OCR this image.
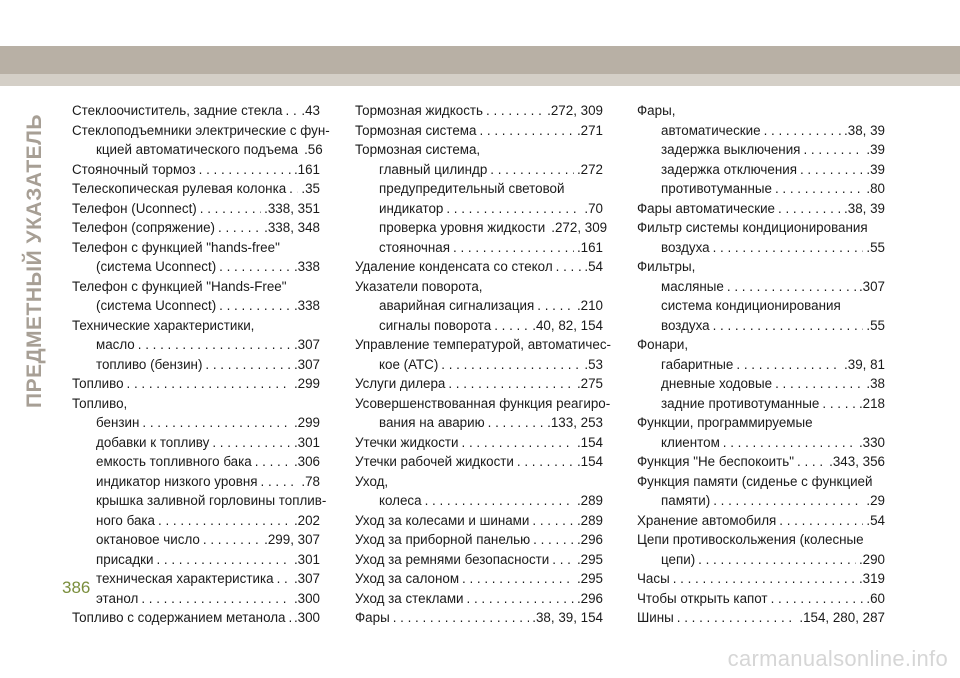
ПРЕДМЕТНЫЙ УКАЗАТЕЛЬ
Стеклоочиститель, задние стекла . . . .43
Стеклоподъемники электрические с фун-
кцией автоматического подъема .56
Стояночный тормоз . . .	.161
Телескопическая рулевая колонка . . . .35
Телефон (Uconnect) . . .	.338, 351
Телефон (сопряжение) . . .	.338, 348
Телефон с функцией "hands-free"
(система Uconnect) . . .	.338
Телефон с функцией "Hands-Free"
(система Uconnect) . . .	.338
Технические характеристики,
масло . . .	.307
топливо (бензин) . . .	.307
Топливо . . .	.299
Топливо,
бензин . . .	.299
добавки к топливу . . .	.301
емкость топливного бака . . .	.306
индикатор низкого уровня . . .	.78
крышка заливной горловины топлив-
ного бака . . .	.202
октановое число . . .	.299, 307
присадки . . .	.301
техническая характеристика . . . .307
этанол . . .	.300
Топливо с содержанием метанола . . . .300
Тормозная жидкость . . .	.272, 309
Тормозная система . . .	.271
Тормозная система,
главный цилиндр . . .	.272
предупредительный световой
индикатор . . .	.70
проверка уровня жидкости .272, 309
стояночная . . .	.161
Удаление конденсата со стекол . . . .54
Указатели поворота,
аварийная сигнализация . . .	.210
сигналы поворота . . .	.40, 82, 154
Управление температурой, автоматичес-
кое (АТС) . . .	.53
Услуги дилера . . .	.275
Усовершенствованная функция реагиро-
вания на аварию . . .	.133, 253
Утечки жидкости . . .	.154
Утечки рабочей жидкости . . .	.154
Уход,
колеса . . .	.289
Уход за колесами и шинами . . .	.289
Уход за приборной панелью . . .	.296
Уход за ремнями безопасности . . . .295
Уход за салоном . . .	.295
Уход за стеклами . . .	.296
Фары . . .	.38, 39, 154
Фары,
автоматические . . .	.38, 39
задержка выключения . . .	.39
задержка отключения . . .	.39
противотуманные . . .	.80
Фары автоматические . . .	.38, 39
Фильтр системы кондиционирования
воздуха . . .	.55
Фильтры,
масляные . . .	.307
система кондиционирования
воздуха . . .	.55
Фонари,
габаритные . . .	.39, 81
дневные ходовые . . .	.38
задние противотуманные . . .	.218
Функции, программируемые
клиентом . . .	.330
Функция "Не беспокоить" . . .	.343, 356
Функция памяти (сиденье с функцией
памяти) . . .	.29
Хранение автомобиля . . .	.54
Цепи противоскольжения (колесные
цепи) . . .	.290
Часы . . .	.319
Чтобы открыть капот . . .	.60
Шины . . .	.154, 280, 287
386
carmanualsonline.info
